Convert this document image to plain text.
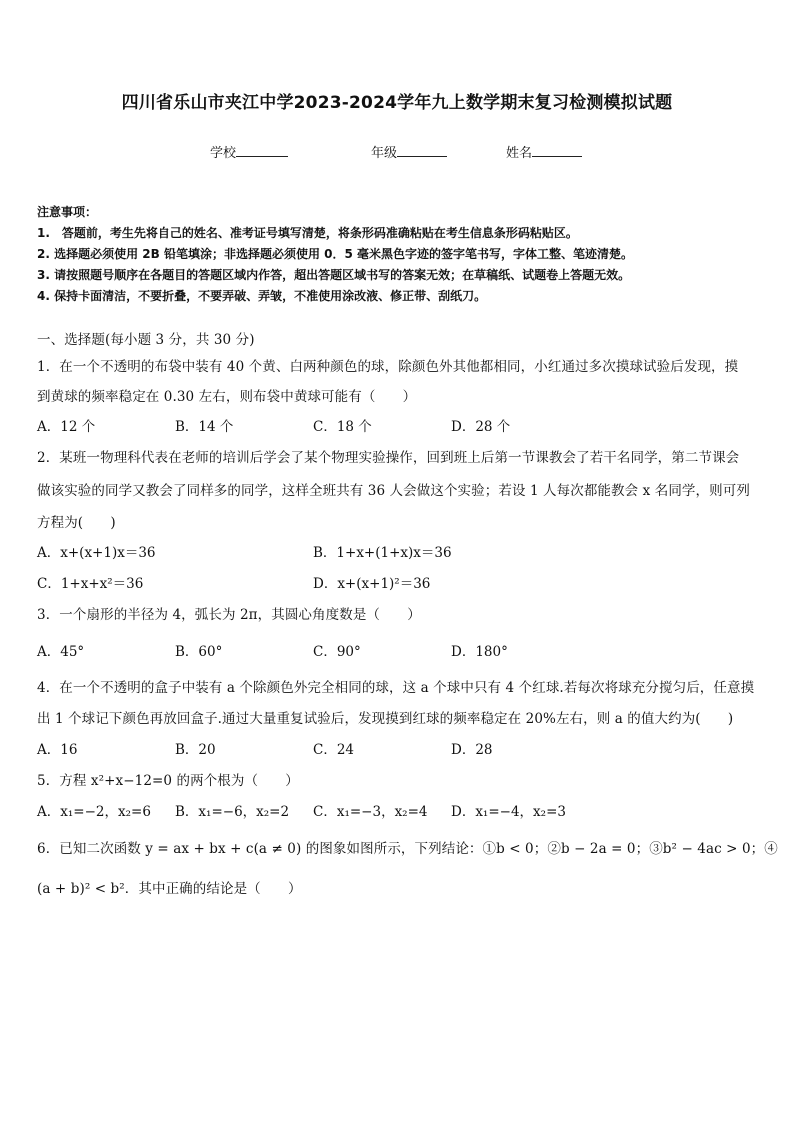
四川省乐山市夹江中学2023-2024学年九上数学期末复习检测模拟试题
学校	年级	姓名
注意事项：
1.　答题前，考生先将自己的姓名、准考证号填写清楚，将条形码准确粘贴在考生信息条形码粘贴区。
2. 选择题必须使用 2B 铅笔填涂；非选择题必须使用 0．5 毫米黑色字迹的签字笔书写，字体工整、笔迹清楚。
3. 请按照题号顺序在各题目的答题区域内作答，超出答题区域书写的答案无效；在草稿纸、试题卷上答题无效。
4. 保持卡面清洁，不要折叠，不要弄破、弄皱，不准使用涂改液、修正带、刮纸刀。
一、选择题(每小题 3 分，共 30 分)
1．在一个不透明的布袋中装有 40 个黄、白两种颜色的球，除颜色外其他都相同，小红通过多次摸球试验后发现，摸
到黄球的频率稳定在 0.30 左右，则布袋中黄球可能有（　　）
A．12 个	B．14 个	C．18 个	D．28 个
2．某班一物理科代表在老师的培训后学会了某个物理实验操作，回到班上后第一节课教会了若干名同学，第二节课会
做该实验的同学又教会了同样多的同学，这样全班共有 36 人会做这个实验；若设 1 人每次都能教会 x 名同学，则可列
方程为(　　)
A．x+(x+1)x＝36	B．1+x+(1+x)x＝36
C．1+x+x²＝36	D．x+(x+1)²＝36
3．一个扇形的半径为 4，弧长为 2π，其圆心角度数是（　　）
A．45°	B．60°	C．90°	D．180°
4．在一个不透明的盒子中装有 a 个除颜色外完全相同的球，这 a 个球中只有 4 个红球.若每次将球充分搅匀后，任意摸
出 1 个球记下颜色再放回盒子.通过大量重复试验后，发现摸到红球的频率稳定在 20%左右，则 a 的值大约为(　　)
A．16	B．20	C．24	D．28
5．方程 x²+x−12=0 的两个根为（　　）
A．x₁=−2，x₂=6 B．x₁=−6，x₂=2 C．x₁=−3，x₂=4 D．x₁=−4，x₂=3
6．已知二次函数 y = ax + bx + c(a ≠ 0) 的图象如图所示，下列结论：①b < 0；②b − 2a = 0；③b² − 4ac > 0；④
(a + b)² < b²．其中正确的结论是（　　）
